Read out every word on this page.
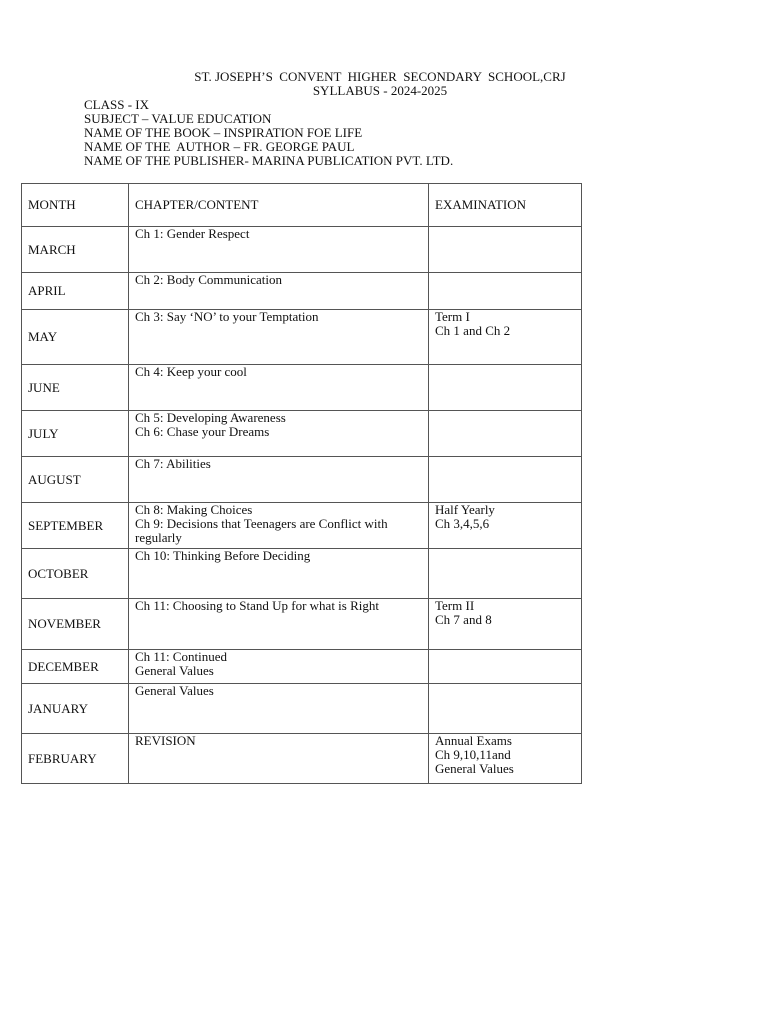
ST. JOSEPH’S  CONVENT  HIGHER  SECONDARY  SCHOOL,CRJ
SYLLABUS - 2024-2025
CLASS - IX
SUBJECT – VALUE EDUCATION
NAME OF THE BOOK – INSPIRATION FOE LIFE
NAME OF THE  AUTHOR – FR. GEORGE PAUL
NAME OF THE PUBLISHER- MARINA PUBLICATION PVT. LTD.
MONTH	CHAPTER/CONTENT	EXAMINATION
MARCH	Ch 1: Gender Respect	

APRIL	Ch 2: Body Communication	

MAY	Ch 3: Say ‘NO’ to your Temptation	Term I
Ch 1 and Ch 2

JUNE	Ch 4: Keep your cool	

JULY	Ch 5: Developing Awareness
Ch 6: Chase your Dreams	

AUGUST	Ch 7: Abilities	

SEPTEMBER	Ch 8: Making Choices
Ch 9: Decisions that Teenagers are Conflict with regularly	Half Yearly
Ch 3,4,5,6

OCTOBER	Ch 10: Thinking Before Deciding	

NOVEMBER	Ch 11: Choosing to Stand Up for what is Right	Term II
Ch 7 and 8

DECEMBER	Ch 11: Continued
General Values	

JANUARY	General Values	

FEBRUARY	REVISION	Annual Exams
Ch 9,10,11and
General Values
